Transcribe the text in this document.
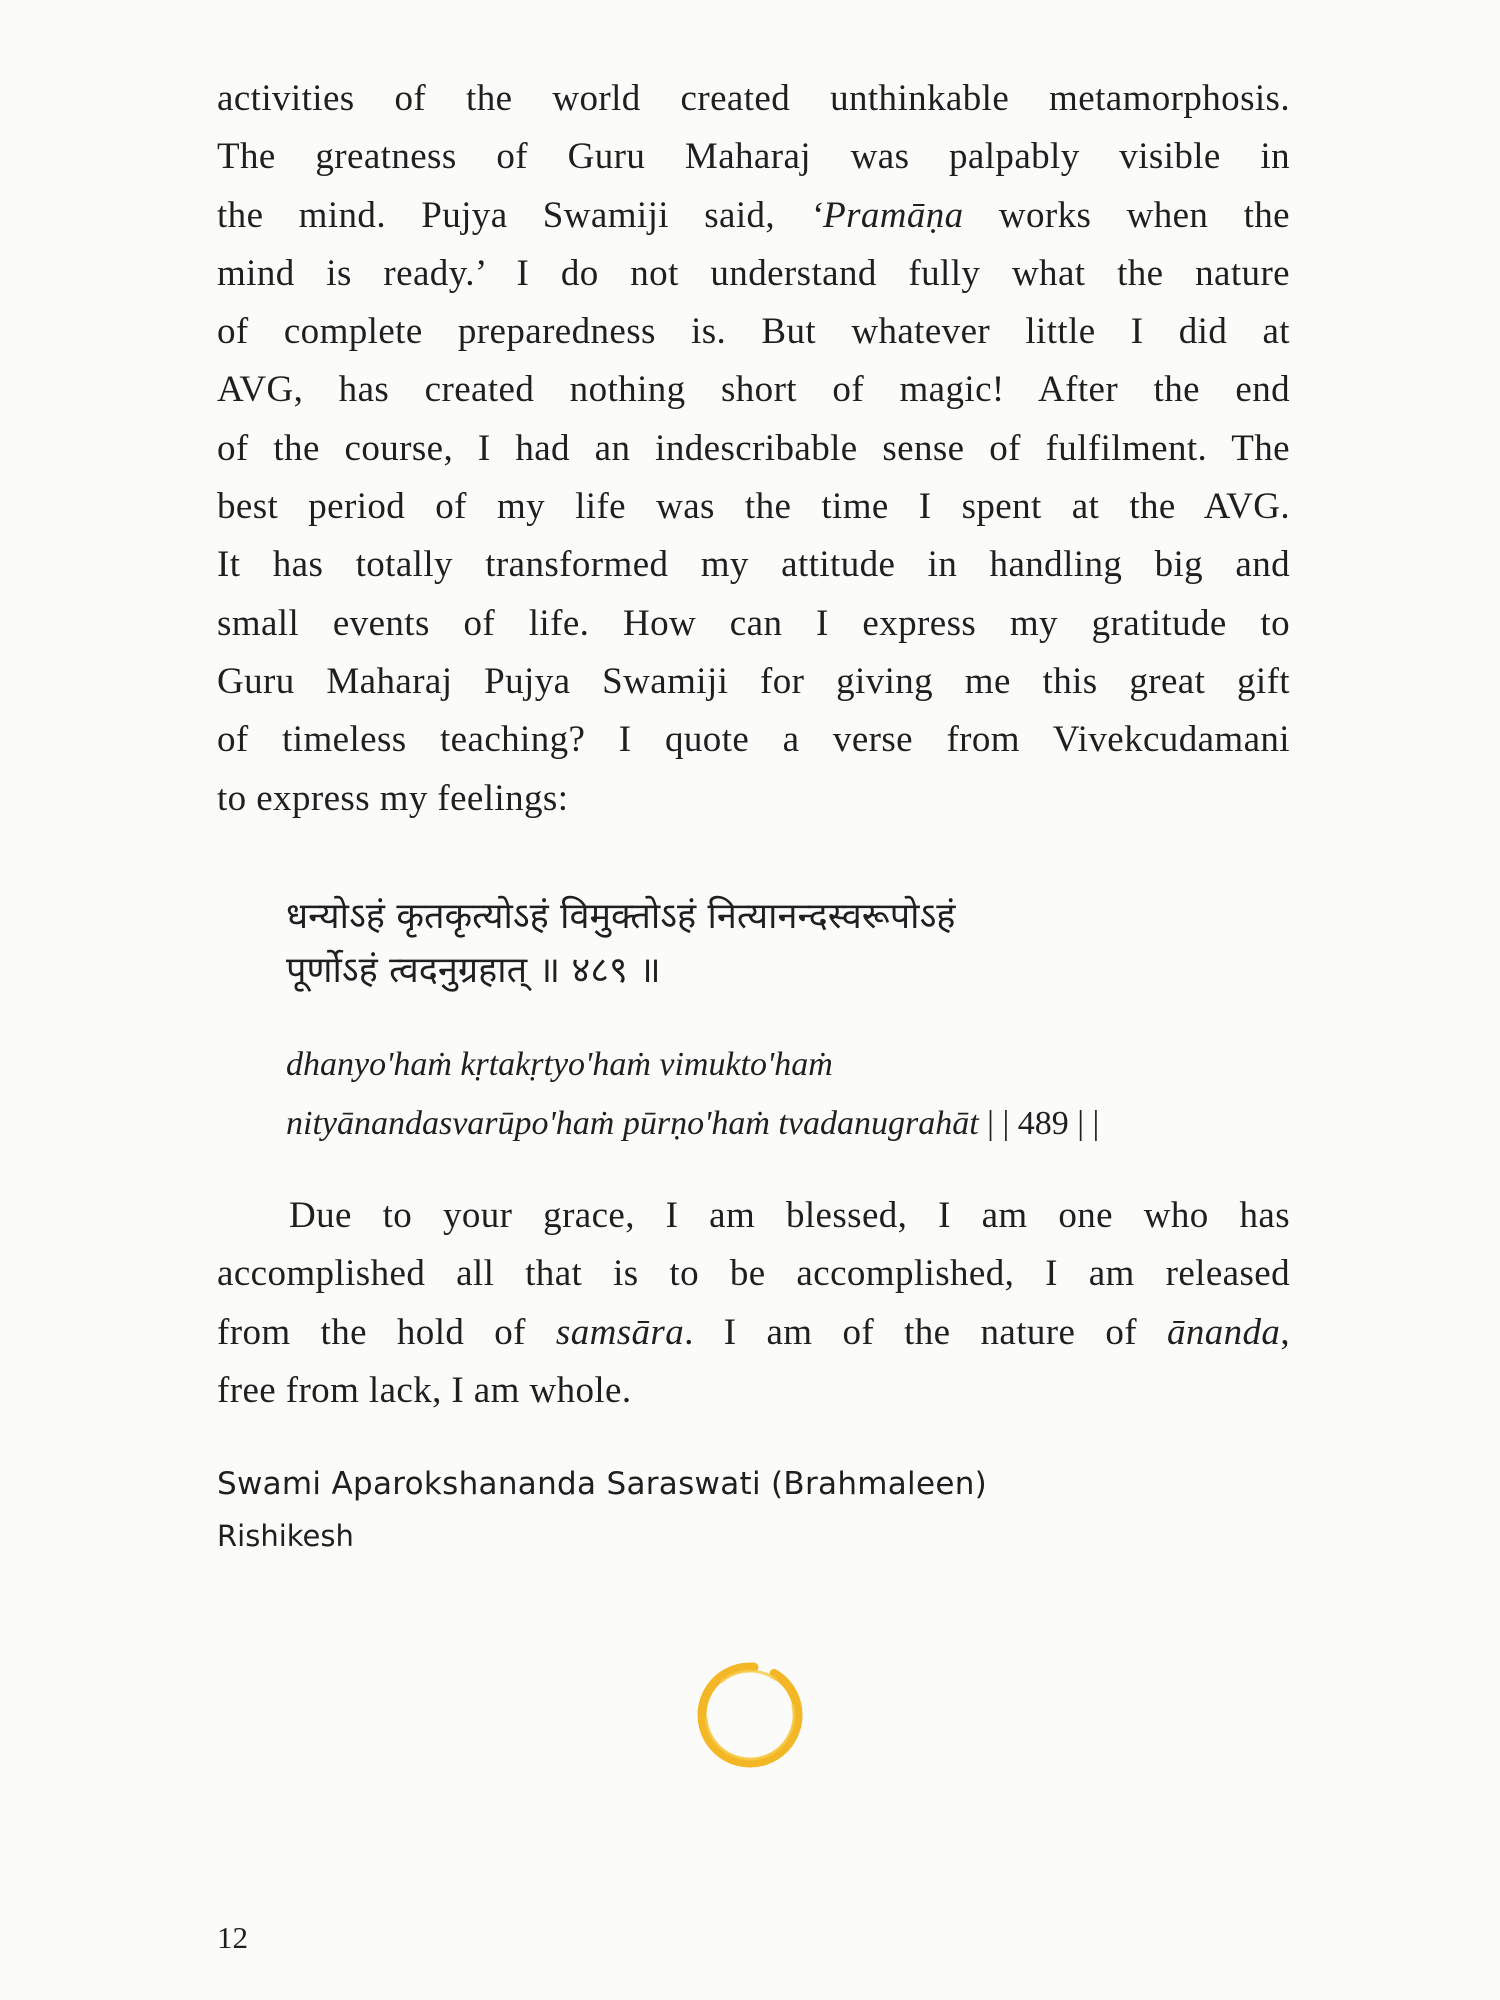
activities of the world created unthinkable metamorphosis.
The greatness of Guru Maharaj was palpably visible in
the mind. Pujya Swamiji said, ‘Pramāṇa works when the
mind is ready.’ I do not understand fully what the nature
of complete preparedness is. But whatever little I did at
AVG, has created nothing short of magic! After the end
of the course, I had an indescribable sense of fulfilment. The
best period of my life was the time I spent at the AVG.
It has totally transformed my attitude in handling big and
small events of life. How can I express my gratitude to
Guru Maharaj Pujya Swamiji for giving me this great gift
of timeless teaching? I quote a verse from Vivekcudamani
to express my feelings:
धन्योऽहं कृतकृत्योऽहं विमुक्तोऽहं नित्यानन्दस्वरूपोऽहं
पूर्णोऽहं त्वदनुग्रहात् ॥ ४८९ ॥
dhanyo'haṁ kṛtakṛtyo'haṁ vimukto'haṁ
nityānandasvarūpo'haṁ pūrṇo'haṁ tvadanugrahāt | | 489 | |
Due to your grace, I am blessed, I am one who has
accomplished all that is to be accomplished, I am released
from the hold of samsāra. I am of the nature of ānanda,
free from lack, I am whole.
Swami Aparokshananda Saraswati (Brahmaleen)
Rishikesh
12
